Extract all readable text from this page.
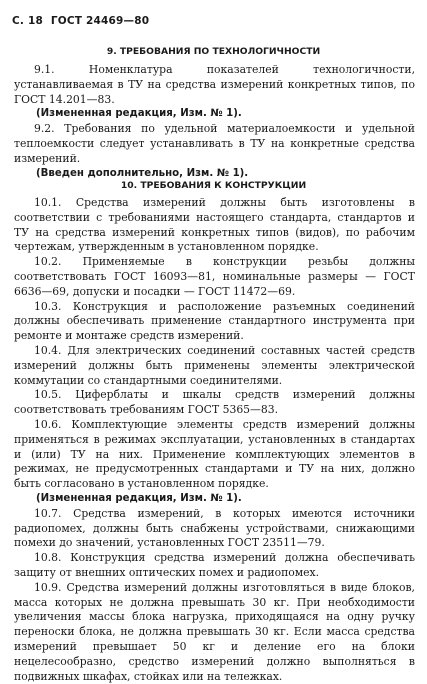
С. 18 ГОСТ 24469—80
9. ТРЕБОВАНИЯ ПО ТЕХНОЛОГИЧНОСТИ

9.1. Номенклатура показателей технологичности, устанавливаемая в ТУ на средства измерений конкретных типов, по ГОСТ 14.201—83.

(Измененная редакция, Изм. № 1).

9.2. Требования по удельной материалоемкости и удельной теплоемкости следует устанавливать в ТУ на конкретные средства измерений.

(Введен дополнительно, Изм. № 1).

10. ТРЕБОВАНИЯ К КОНСТРУКЦИИ

10.1. Средства измерений должны быть изготовлены в соответствии с требованиями настоящего стандарта, стандартов и ТУ на средства измерений конкретных типов (видов), по рабочим чертежам, утвержденным в установленном порядке.

10.2. Применяемые в конструкции резьбы должны соответствовать ГОСТ 16093—81, номинальные размеры — ГОСТ 6636—69, допуски и посадки — ГОСТ 11472—69.

10.3. Конструкция и расположение разъемных соединений должны обеспечивать применение стандартного инструмента при ремонте и монтаже средств измерений.

10.4. Для электрических соединений составных частей средств измерений должны быть применены элементы электрической коммутации со стандартными соединителями.

10.5. Циферблаты и шкалы средств измерений должны соответствовать требованиям ГОСТ 5365—83.

10.6. Комплектующие элементы средств измерений должны применяться в режимах эксплуатации, установленных в стандартах и (или) ТУ на них. Применение комплектующих элементов в режимах, не предусмотренных стандартами и ТУ на них, должно быть согласовано в установленном порядке.

(Измененная редакция, Изм. № 1).

10.7. Средства измерений, в которых имеются источники радиопомех, должны быть снабжены устройствами, снижающими помехи до значений, установленных ГОСТ 23511—79.

10.8. Конструкция средства измерений должна обеспечивать защиту от внешних оптических помех и радиопомех.

10.9. Средства измерений должны изготовляться в виде блоков, масса которых не должна превышать 30 кг. При необходимости увеличения массы блока нагрузка, приходящаяся на одну ручку переноски блока, не должна превышать 30 кг. Если масса средства измерений превышает 50 кг и деление его на блоки нецелесообразно, средство измерений должно выполняться в подвижных шкафах, стойках или на тележках.
